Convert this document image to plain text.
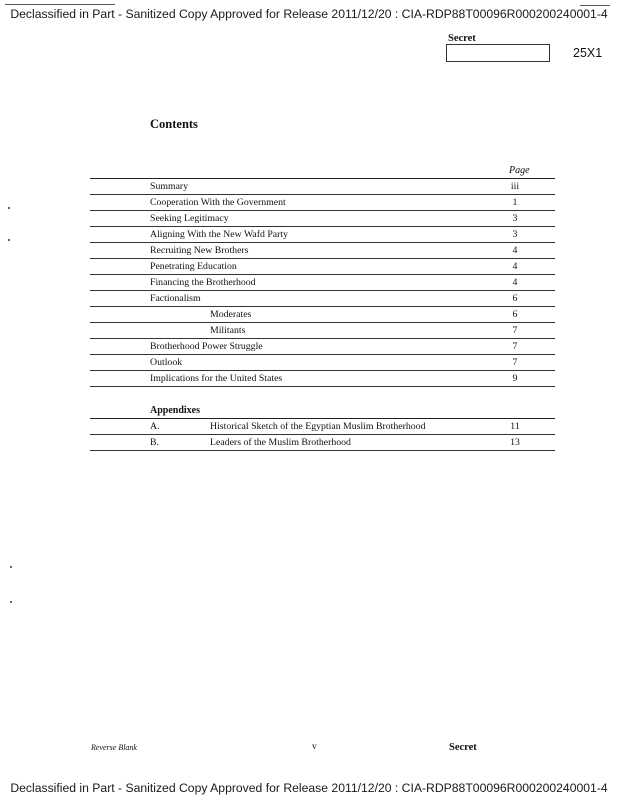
Declassified in Part - Sanitized Copy Approved for Release 2011/12/20 : CIA-RDP88T00096R000200240001-4
Secret
25X1
Contents
Page
Summary	iii
Cooperation With the Government	1
Seeking Legitimacy	3
Aligning With the New Wafd Party	3
Recruiting New Brothers	4
Penetrating Education	4
Financing the Brotherhood	4
Factionalism	6
Moderates	6
Militants	7
Brotherhood Power Struggle	7
Outlook	7
Implications for the United States	9
Appendixes
A.	Historical Sketch of the Egyptian Muslim Brotherhood	11
B.	Leaders of the Muslim Brotherhood	13
Reverse Blank	v	Secret
Declassified in Part - Sanitized Copy Approved for Release 2011/12/20 : CIA-RDP88T00096R000200240001-4
